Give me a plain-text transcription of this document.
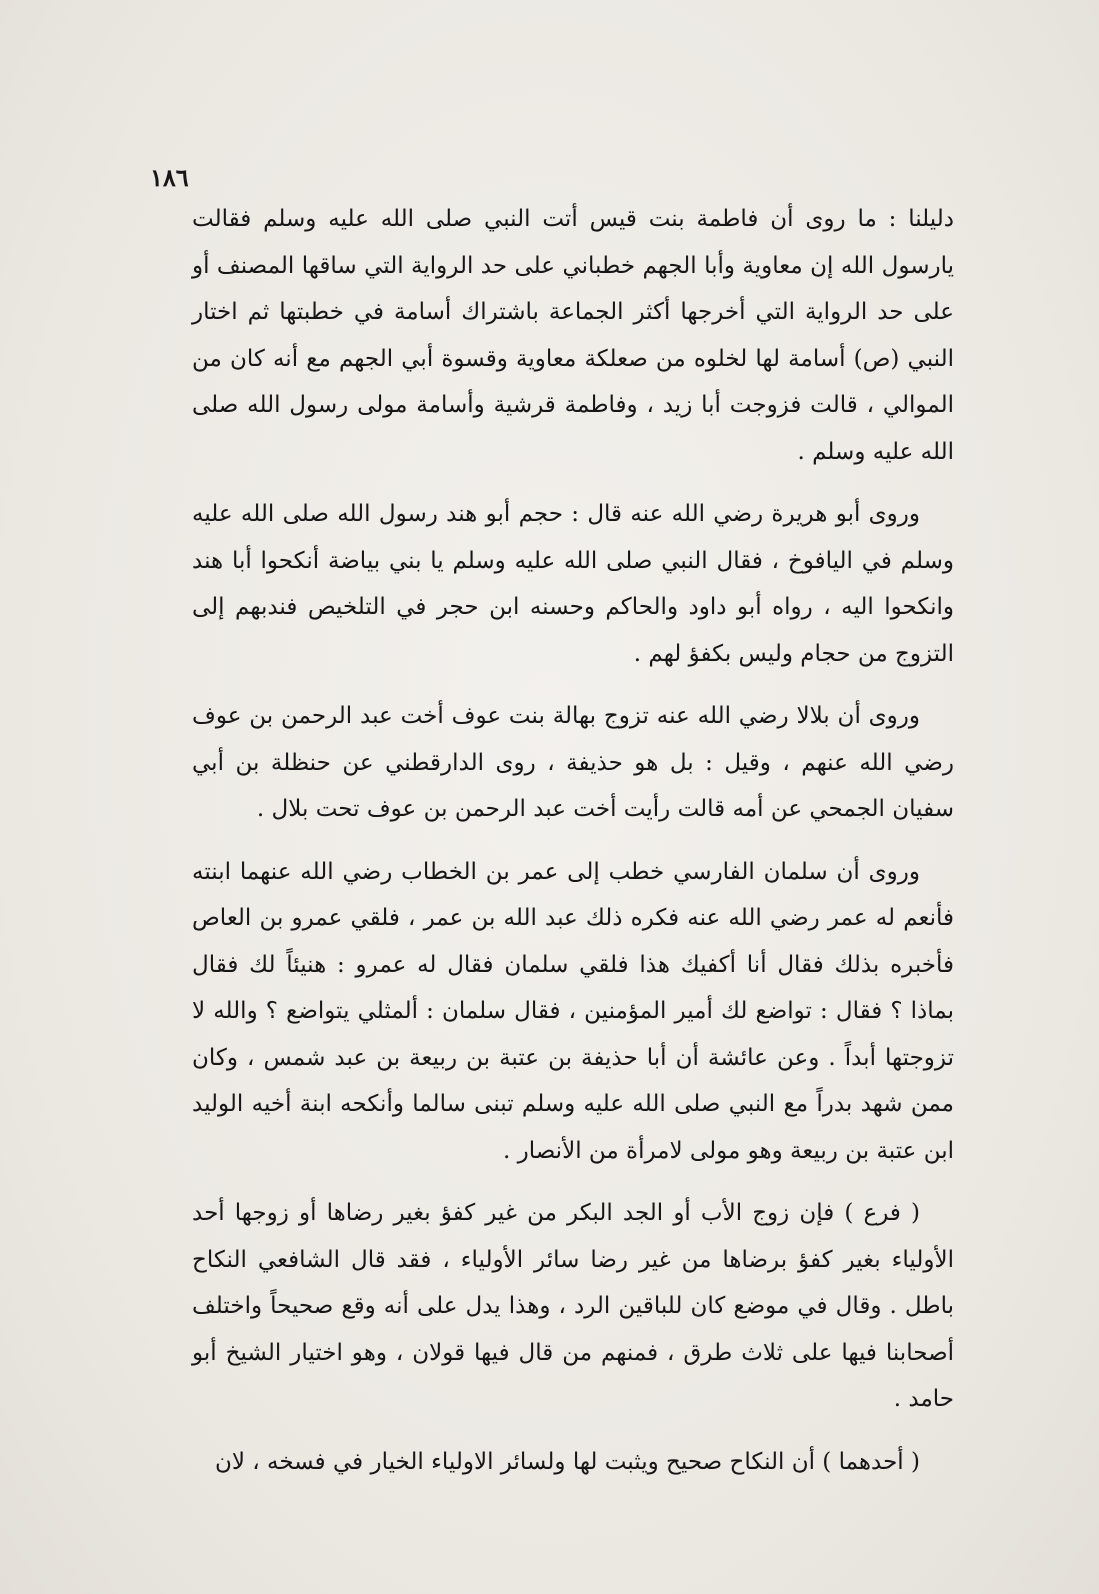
١٨٦

دليلنا : ما روى أن فاطمة بنت قيس أتت النبي صلى الله عليه وسلم فقالت يارسول الله إن معاوية وأبا الجهم خطباني على حد الرواية التي ساقها المصنف أو على حد الرواية التي أخرجها أكثر الجماعة باشتراك أسامة في خطبتها ثم اختار النبي (ص) أسامة لها لخلوه من صعلكة معاوية وقسوة أبي الجهم مع أنه كان من الموالي ، قالت فزوجت أبا زيد ، وفاطمة قرشية وأسامة مولى رسول الله صلى الله عليه وسلم .

وروى أبو هريرة رضي الله عنه قال : حجم أبو هند رسول الله صلى الله عليه وسلم في اليافوخ ، فقال النبي صلى الله عليه وسلم يا بني بياضة أنكحوا أبا هند وانكحوا اليه ، رواه أبو داود والحاكم وحسنه ابن حجر في التلخيص فندبهم إلى التزوج من حجام وليس بكفؤ لهم .

وروى أن بلالا رضي الله عنه تزوج بهالة بنت عوف أخت عبد الرحمن بن عوف رضي الله عنهم ، وقيل : بل هو حذيفة ، روى الدارقطني عن حنظلة بن أبي سفيان الجمحي عن أمه قالت رأيت أخت عبد الرحمن بن عوف تحت بلال .

وروى أن سلمان الفارسي خطب إلى عمر بن الخطاب رضي الله عنهما ابنته فأنعم له عمر رضي الله عنه فكره ذلك عبد الله بن عمر ، فلقي عمرو بن العاص فأخبره بذلك فقال أنا أكفيك هذا فلقي سلمان فقال له عمرو : هنيئاً لك فقال بماذا ؟ فقال : تواضع لك أمير المؤمنين ، فقال سلمان : ألمثلي يتواضع ؟ والله لا تزوجتها أبداً . وعن عائشة أن أبا حذيفة بن عتبة بن ربيعة بن عبد شمس ، وكان ممن شهد بدراً مع النبي صلى الله عليه وسلم تبنى سالما وأنكحه ابنة أخيه الوليد ابن عتبة بن ربيعة وهو مولى لامرأة من الأنصار .

( فرع ) فإن زوج الأب أو الجد البكر من غير كفؤ بغير رضاها أو زوجها أحد الأولياء بغير كفؤ برضاها من غير رضا سائر الأولياء ، فقد قال الشافعي النكاح باطل . وقال في موضع كان للباقين الرد ، وهذا يدل على أنه وقع صحيحاً واختلف أصحابنا فيها على ثلاث طرق ، فمنهم من قال فيها قولان ، وهو اختيار الشيخ أبو حامد .

( أحدهما ) أن النكاح صحيح ويثبت لها ولسائر الاولياء الخيار في فسخه ، لان
